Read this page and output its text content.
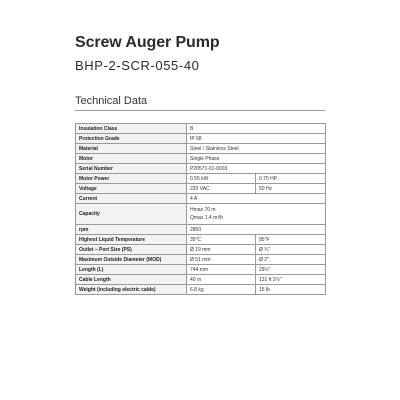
Screw Auger Pump
BHP-2-SCR-055-40
Technical Data
Insulation Class	B	
Protection Grade	IP 68	
Material	Steel / Stainless Steel	
Motor	Single Phase	
Serial Number	P20571-01-0003	
Motor Power	0.55 kW	0.75 HP
Voltage	220 VAC	50 Hz
Current	4 A	
Capacity	Hmax 70 m
Qmax 1.4 m³/h	

rpm	2850	
Highest Liquid Temperature	35°C	95°F
Outlet – Port Size (PS)	Ø 19 mm	Ø ¾"
Maximum Outside Diameter (MOD)	Ø 51 mm	Ø 2"
Length (L)	744 mm	29½"
Cable Length	40 m	131 ft 2½"
Weight (including electric cable)	6.8 kg	15 lb
